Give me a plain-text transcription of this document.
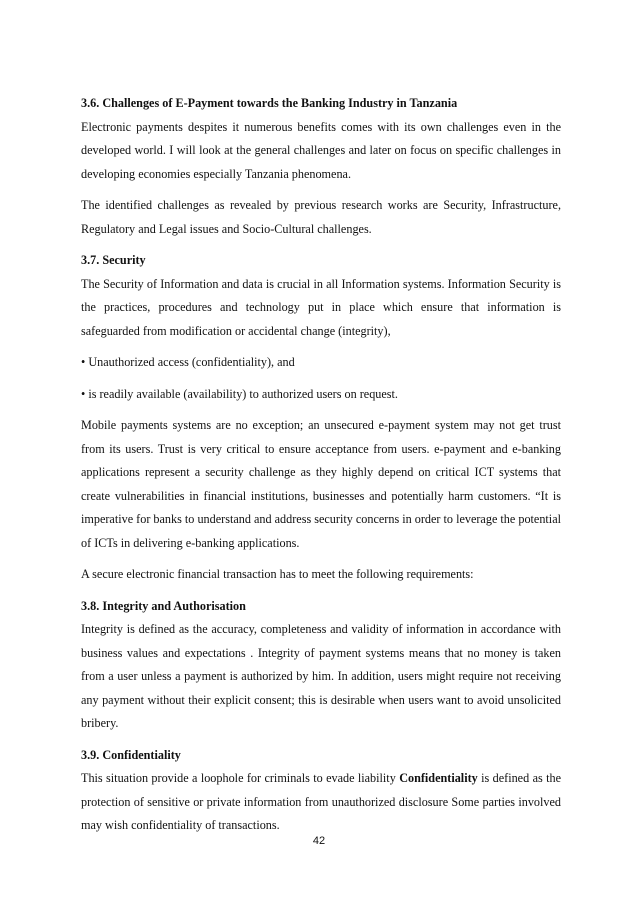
3.6. Challenges of E-Payment towards the Banking Industry in Tanzania

Electronic payments despites it numerous benefits comes with its own challenges even in the developed world. I will look at the general challenges and later on focus on specific challenges in developing economies especially Tanzania phenomena.

The identified challenges as revealed by previous research works are Security, Infrastructure, Regulatory and Legal issues and Socio-Cultural challenges.

3.7. Security

The Security of Information and data is crucial in all Information systems. Information Security is the practices, procedures and technology put in place which ensure that information is safeguarded from modification or accidental change (integrity),

• Unauthorized access (confidentiality), and

• is readily available (availability) to authorized users on request.

Mobile payments systems are no exception; an unsecured e-payment system may not get trust from its users. Trust is very critical to ensure acceptance from users. e-payment and e-banking applications represent a security challenge as they highly depend on critical ICT systems that create vulnerabilities in financial institutions, businesses and potentially harm customers. “It is imperative for banks to understand and address security concerns in order to leverage the potential of ICTs in delivering e-banking applications.

A secure electronic financial transaction has to meet the following requirements:

3.8. Integrity and Authorisation

Integrity is defined as the accuracy, completeness and validity of information in accordance with business values and expectations . Integrity of payment systems means that no money is taken from a user unless a payment is authorized by him. In addition, users might require not receiving any payment without their explicit consent; this is desirable when users want to avoid unsolicited bribery.

3.9. Confidentiality

This situation provide a loophole for criminals to evade liability Confidentiality is defined as the protection of sensitive or private information from unauthorized disclosure Some parties involved may wish confidentiality of transactions.

42
